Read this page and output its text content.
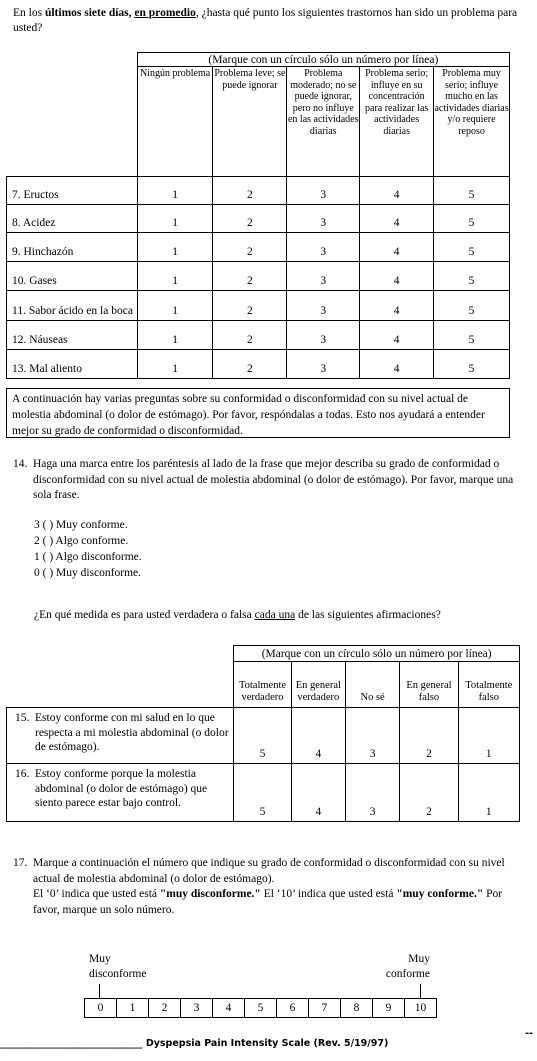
En los últimos siete días, en promedio, ¿hasta qué punto los siguientes trastornos han sido un problema para usted?
	(Marque con un círculo sólo un número por línea)				
	Ningún problema	Problema leve; se puede ignorar	Problema moderado; no se puede ignorar, pero no influye en las actividades diarias	Problema serio; influye en su concentración para realizar las actividades diarias	Problema muy serio; influye mucho en las actividades diarias y/o requiere reposo
7. Eructos	1	2	3	4	5
8. Acidez	1	2	3	4	5
9. Hinchazón	1	2	3	4	5
10. Gases	1	2	3	4	5
11. Sabor ácido en la boca	1	2	3	4	5
12. Náuseas	1	2	3	4	5
13. Mal aliento	1	2	3	4	5
A continuación hay varias preguntas sobre su conformidad o disconformidad con su nivel actual de molestia abdominal (o dolor de estómago). Por favor, respóndalas a todas. Esto nos ayudará a entender mejor su grado de conformidad o disconformidad.
14. Haga una marca entre los paréntesis al lado de la frase que mejor describa su grado de conformidad o disconformidad con su nivel actual de molestia abdominal (o dolor de estómago). Por favor, marque una sola frase.
3 ( ) Muy conforme.
2 ( ) Algo conforme.
1 ( ) Algo disconforme.
0 ( ) Muy disconforme.
¿En qué medida es para usted verdadera o falsa cada una de las siguientes afirmaciones?
	(Marque con un círculo sólo un número por línea)				
	Totalmente verdadero	En general verdadero	No sé	En general falso	Totalmente falso

15. Estoy conforme con mi salud en lo que respecta a mi molestia abdominal (o dolor de estómago).	5	4	3	2	1

16. Estoy conforme porque la molestia abdominal (o dolor de estómago) que siento parece estar bajo control.	5	4	3	2	1
17. Marque a continuación el número que indique su grado de conformidad o disconformidad con su nivel actual de molestia abdominal (o dolor de estómago).
El ‘0’ indica que usted está "muy disconforme." El ‘10’ indica que usted está "muy conforme." Por favor, marque un solo número.
Muy
disconforme
Muy
conforme
0	1	2	3	4	5	6	7	8	9	10
--
______________________________ Dyspepsia Pain Intensity Scale (Rev. 5/19/97)
